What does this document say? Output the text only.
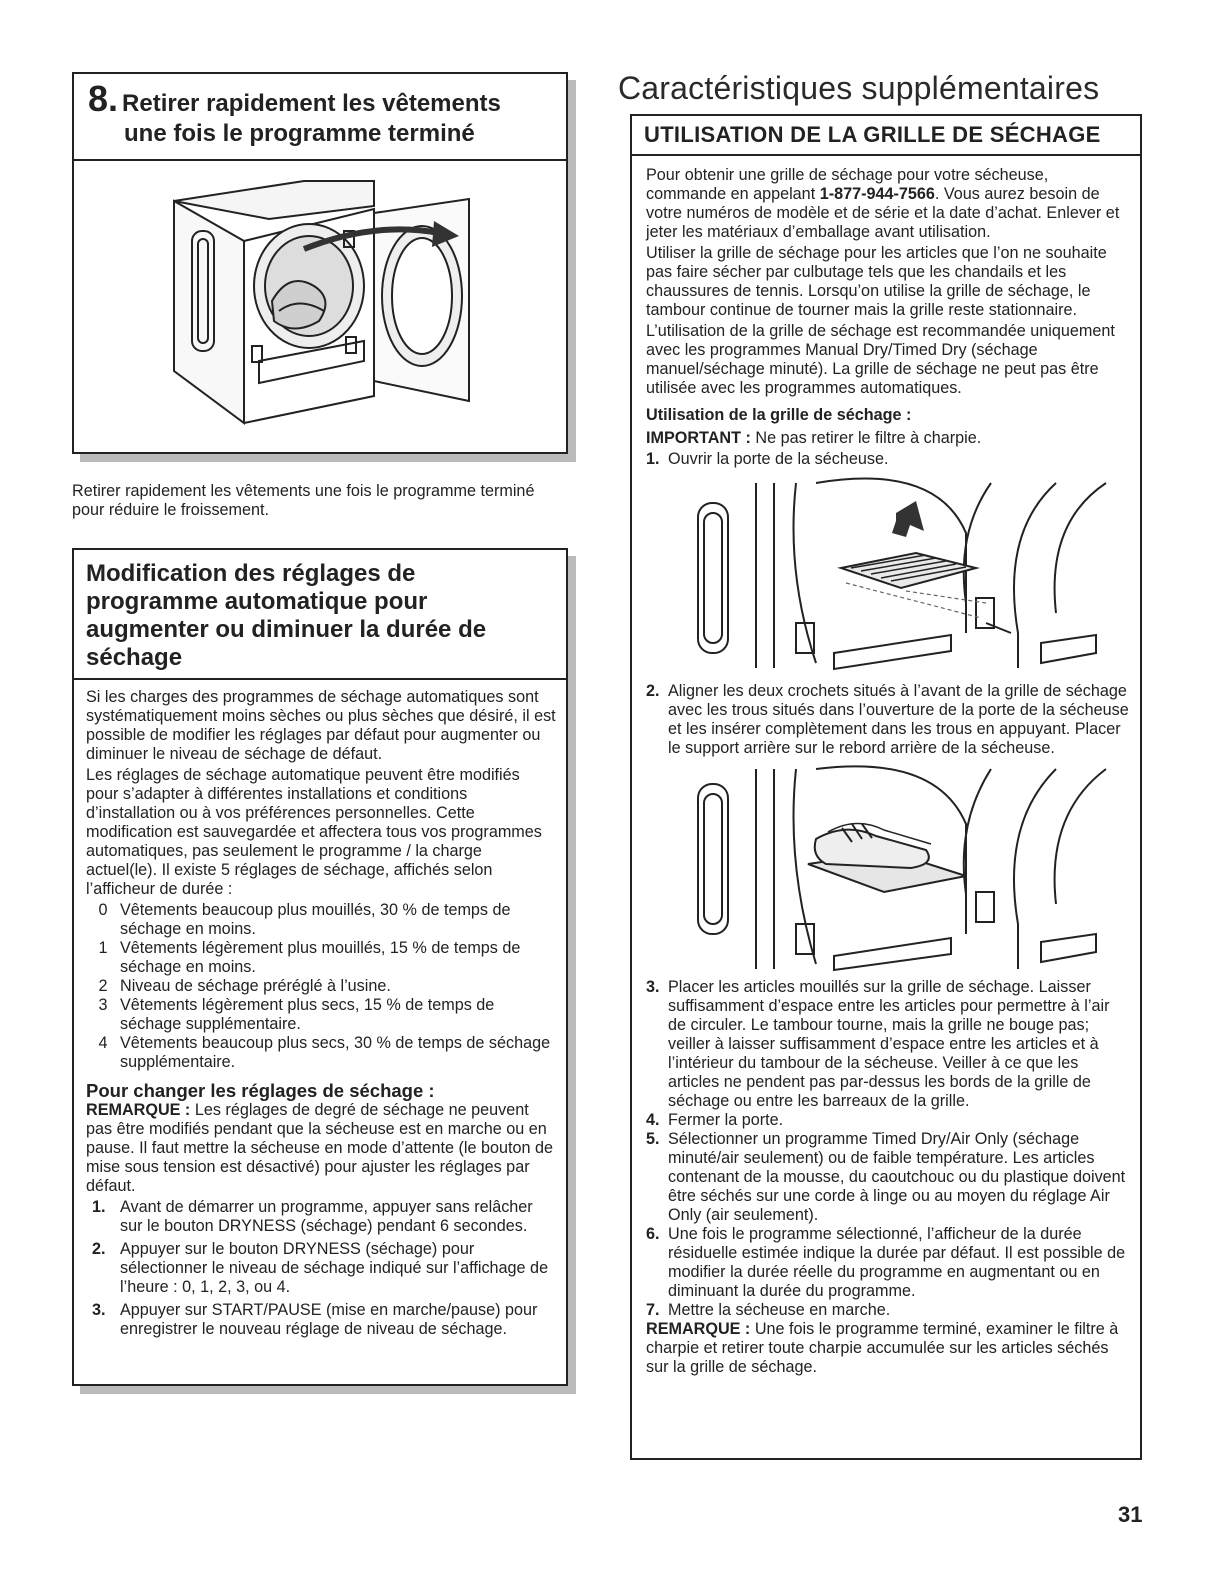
8. Retirer rapidement les vêtements
une fois le programme terminé
Retirer rapidement les vêtements une fois le programme terminé pour réduire le froissement.
Modification des réglages de programme automatique pour augmenter ou diminuer la durée de séchage

Si les charges des programmes de séchage automatiques sont systématiquement moins sèches ou plus sèches que désiré, il est possible de modifier les réglages par défaut pour augmenter ou diminuer le niveau de séchage de défaut.

Les réglages de séchage automatique peuvent être modifiés pour s’adapter à différentes installations et conditions d’installation ou à vos préférences personnelles. Cette modification est sauvegardée et affectera tous vos programmes automatiques, pas seulement le programme / la charge actuel(le). Il existe 5 réglages de séchage, affichés selon l’afficheur de durée :

0 Vêtements beaucoup plus mouillés, 30 % de temps de séchage en moins.
1 Vêtements légèrement plus mouillés, 15 % de temps de séchage en moins.
2 Niveau de séchage préréglé à l’usine.
3 Vêtements légèrement plus secs, 15 % de temps de séchage supplémentaire.
4 Vêtements beaucoup plus secs, 30 % de temps de séchage supplémentaire.
Pour changer les réglages de séchage :

REMARQUE : Les réglages de degré de séchage ne peuvent pas être modifiés pendant que la sécheuse est en marche ou en pause. Il faut mettre la sécheuse en mode d’attente (le bouton de mise sous tension est désactivé) pour ajuster les réglages par défaut.

1. Avant de démarrer un programme, appuyer sans relâcher sur le bouton DRYNESS (séchage) pendant 6 secondes.
2. Appuyer sur le bouton DRYNESS (séchage) pour sélectionner le niveau de séchage indiqué sur l’affichage de l’heure : 0, 1, 2, 3, ou 4.
3. Appuyer sur START/PAUSE (mise en marche/pause) pour enregistrer le nouveau réglage de niveau de séchage.
Caractéristiques supplémentaires
UTILISATION DE LA GRILLE DE SÉCHAGE

Pour obtenir une grille de séchage pour votre sécheuse, commande en appelant 1-877-944-7566. Vous aurez besoin de votre numéros de modèle et de série et la date d’achat. Enlever et jeter les matériaux d’emballage avant utilisation.

Utiliser la grille de séchage pour les articles que l’on ne souhaite pas faire sécher par culbutage tels que les chandails et les chaussures de tennis. Lorsqu’on utilise la grille de séchage, le tambour continue de tourner mais la grille reste stationnaire.

L’utilisation de la grille de séchage est recommandée uniquement avec les programmes Manual Dry/Timed Dry (séchage manuel/séchage minuté). La grille de séchage ne peut pas être utilisée avec les programmes automatiques.

Utilisation de la grille de séchage :

IMPORTANT : Ne pas retirer le filtre à charpie.

1. Ouvrir la porte de la sécheuse.
2. Aligner les deux crochets situés à l’avant de la grille de séchage avec les trous situés dans l’ouverture de la porte de la sécheuse et les insérer complètement dans les trous en appuyant. Placer le support arrière sur le rebord arrière de la sécheuse.
3. Placer les articles mouillés sur la grille de séchage. Laisser suffisamment d’espace entre les articles pour permettre à l’air de circuler. Le tambour tourne, mais la grille ne bouge pas; veiller à laisser suffisamment d’espace entre les articles et à l’intérieur du tambour de la sécheuse. Veiller à ce que les articles ne pendent pas par-dessus les bords de la grille de séchage ou entre les barreaux de la grille.
4. Fermer la porte.
5. Sélectionner un programme Timed Dry/Air Only (séchage minuté/air seulement) ou de faible température. Les articles contenant de la mousse, du caoutchouc ou du plastique doivent être séchés sur une corde à linge ou au moyen du réglage Air Only (air seulement).
6. Une fois le programme sélectionné, l’afficheur de la durée résiduelle estimée indique la durée par défaut. Il est possible de modifier la durée réelle du programme en augmentant ou en diminuant la durée du programme.
7. Mettre la sécheuse en marche.

REMARQUE : Une fois le programme terminé, examiner le filtre à charpie et retirer toute charpie accumulée sur les articles séchés sur la grille de séchage.

31
